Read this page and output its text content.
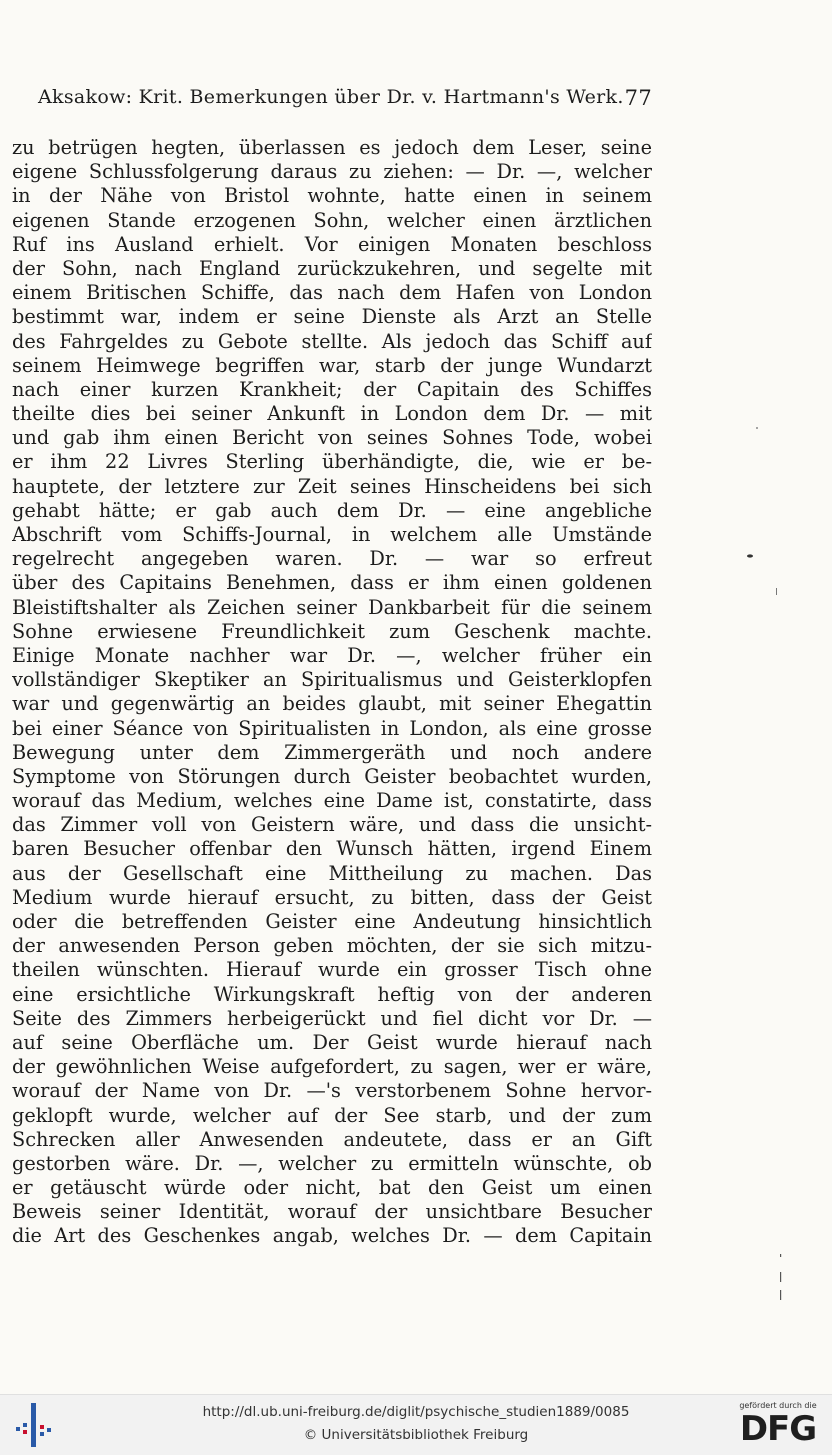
Aksakow: Krit. Bemerkungen über Dr. v. Hartmann's Werk. 77
zu betrügen hegten, überlassen es jedoch dem Leser, seine
eigene Schlussfolgerung daraus zu ziehen: — Dr. —, welcher
in der Nähe von Bristol wohnte, hatte einen in seinem
eigenen Stande erzogenen Sohn, welcher einen ärztlichen
Ruf ins Ausland erhielt. Vor einigen Monaten beschloss
der Sohn, nach England zurückzukehren, und segelte mit
einem Britischen Schiffe, das nach dem Hafen von London
bestimmt war, indem er seine Dienste als Arzt an Stelle
des Fahrgeldes zu Gebote stellte. Als jedoch das Schiff auf
seinem Heimwege begriffen war, starb der junge Wundarzt
nach einer kurzen Krankheit; der Capitain des Schiffes
theilte dies bei seiner Ankunft in London dem Dr. — mit
und gab ihm einen Bericht von seines Sohnes Tode, wobei
er ihm 22 Livres Sterling überhändigte, die, wie er be-
hauptete, der letztere zur Zeit seines Hinscheidens bei sich
gehabt hätte; er gab auch dem Dr. — eine angebliche
Abschrift vom Schiffs-Journal, in welchem alle Umstände
regelrecht angegeben waren. Dr. — war so erfreut
über des Capitains Benehmen, dass er ihm einen goldenen
Bleistiftshalter als Zeichen seiner Dankbarbeit für die seinem
Sohne erwiesene Freundlichkeit zum Geschenk machte.
Einige Monate nachher war Dr. —, welcher früher ein
vollständiger Skeptiker an Spiritualismus und Geisterklopfen
war und gegenwärtig an beides glaubt, mit seiner Ehegattin
bei einer Séance von Spiritualisten in London, als eine grosse
Bewegung unter dem Zimmergeräth und noch andere
Symptome von Störungen durch Geister beobachtet wurden,
worauf das Medium, welches eine Dame ist, constatirte, dass
das Zimmer voll von Geistern wäre, und dass die unsicht-
baren Besucher offenbar den Wunsch hätten, irgend Einem
aus der Gesellschaft eine Mittheilung zu machen. Das
Medium wurde hierauf ersucht, zu bitten, dass der Geist
oder die betreffenden Geister eine Andeutung hinsichtlich
der anwesenden Person geben möchten, der sie sich mitzu-
theilen wünschten. Hierauf wurde ein grosser Tisch ohne
eine ersichtliche Wirkungskraft heftig von der anderen
Seite des Zimmers herbeigerückt und fiel dicht vor Dr. —
auf seine Oberfläche um. Der Geist wurde hierauf nach
der gewöhnlichen Weise aufgefordert, zu sagen, wer er wäre,
worauf der Name von Dr. —'s verstorbenem Sohne hervor-
geklopft wurde, welcher auf der See starb, und der zum
Schrecken aller Anwesenden andeutete, dass er an Gift
gestorben wäre. Dr. —, welcher zu ermitteln wünschte, ob
er getäuscht würde oder nicht, bat den Geist um einen
Beweis seiner Identität, worauf der unsichtbare Besucher
die Art des Geschenkes angab, welches Dr. — dem Capitain
http://dl.ub.uni-freiburg.de/diglit/psychische_studien1889/0085
© Universitätsbibliothek Freiburg
gefördert durch die
DFG
